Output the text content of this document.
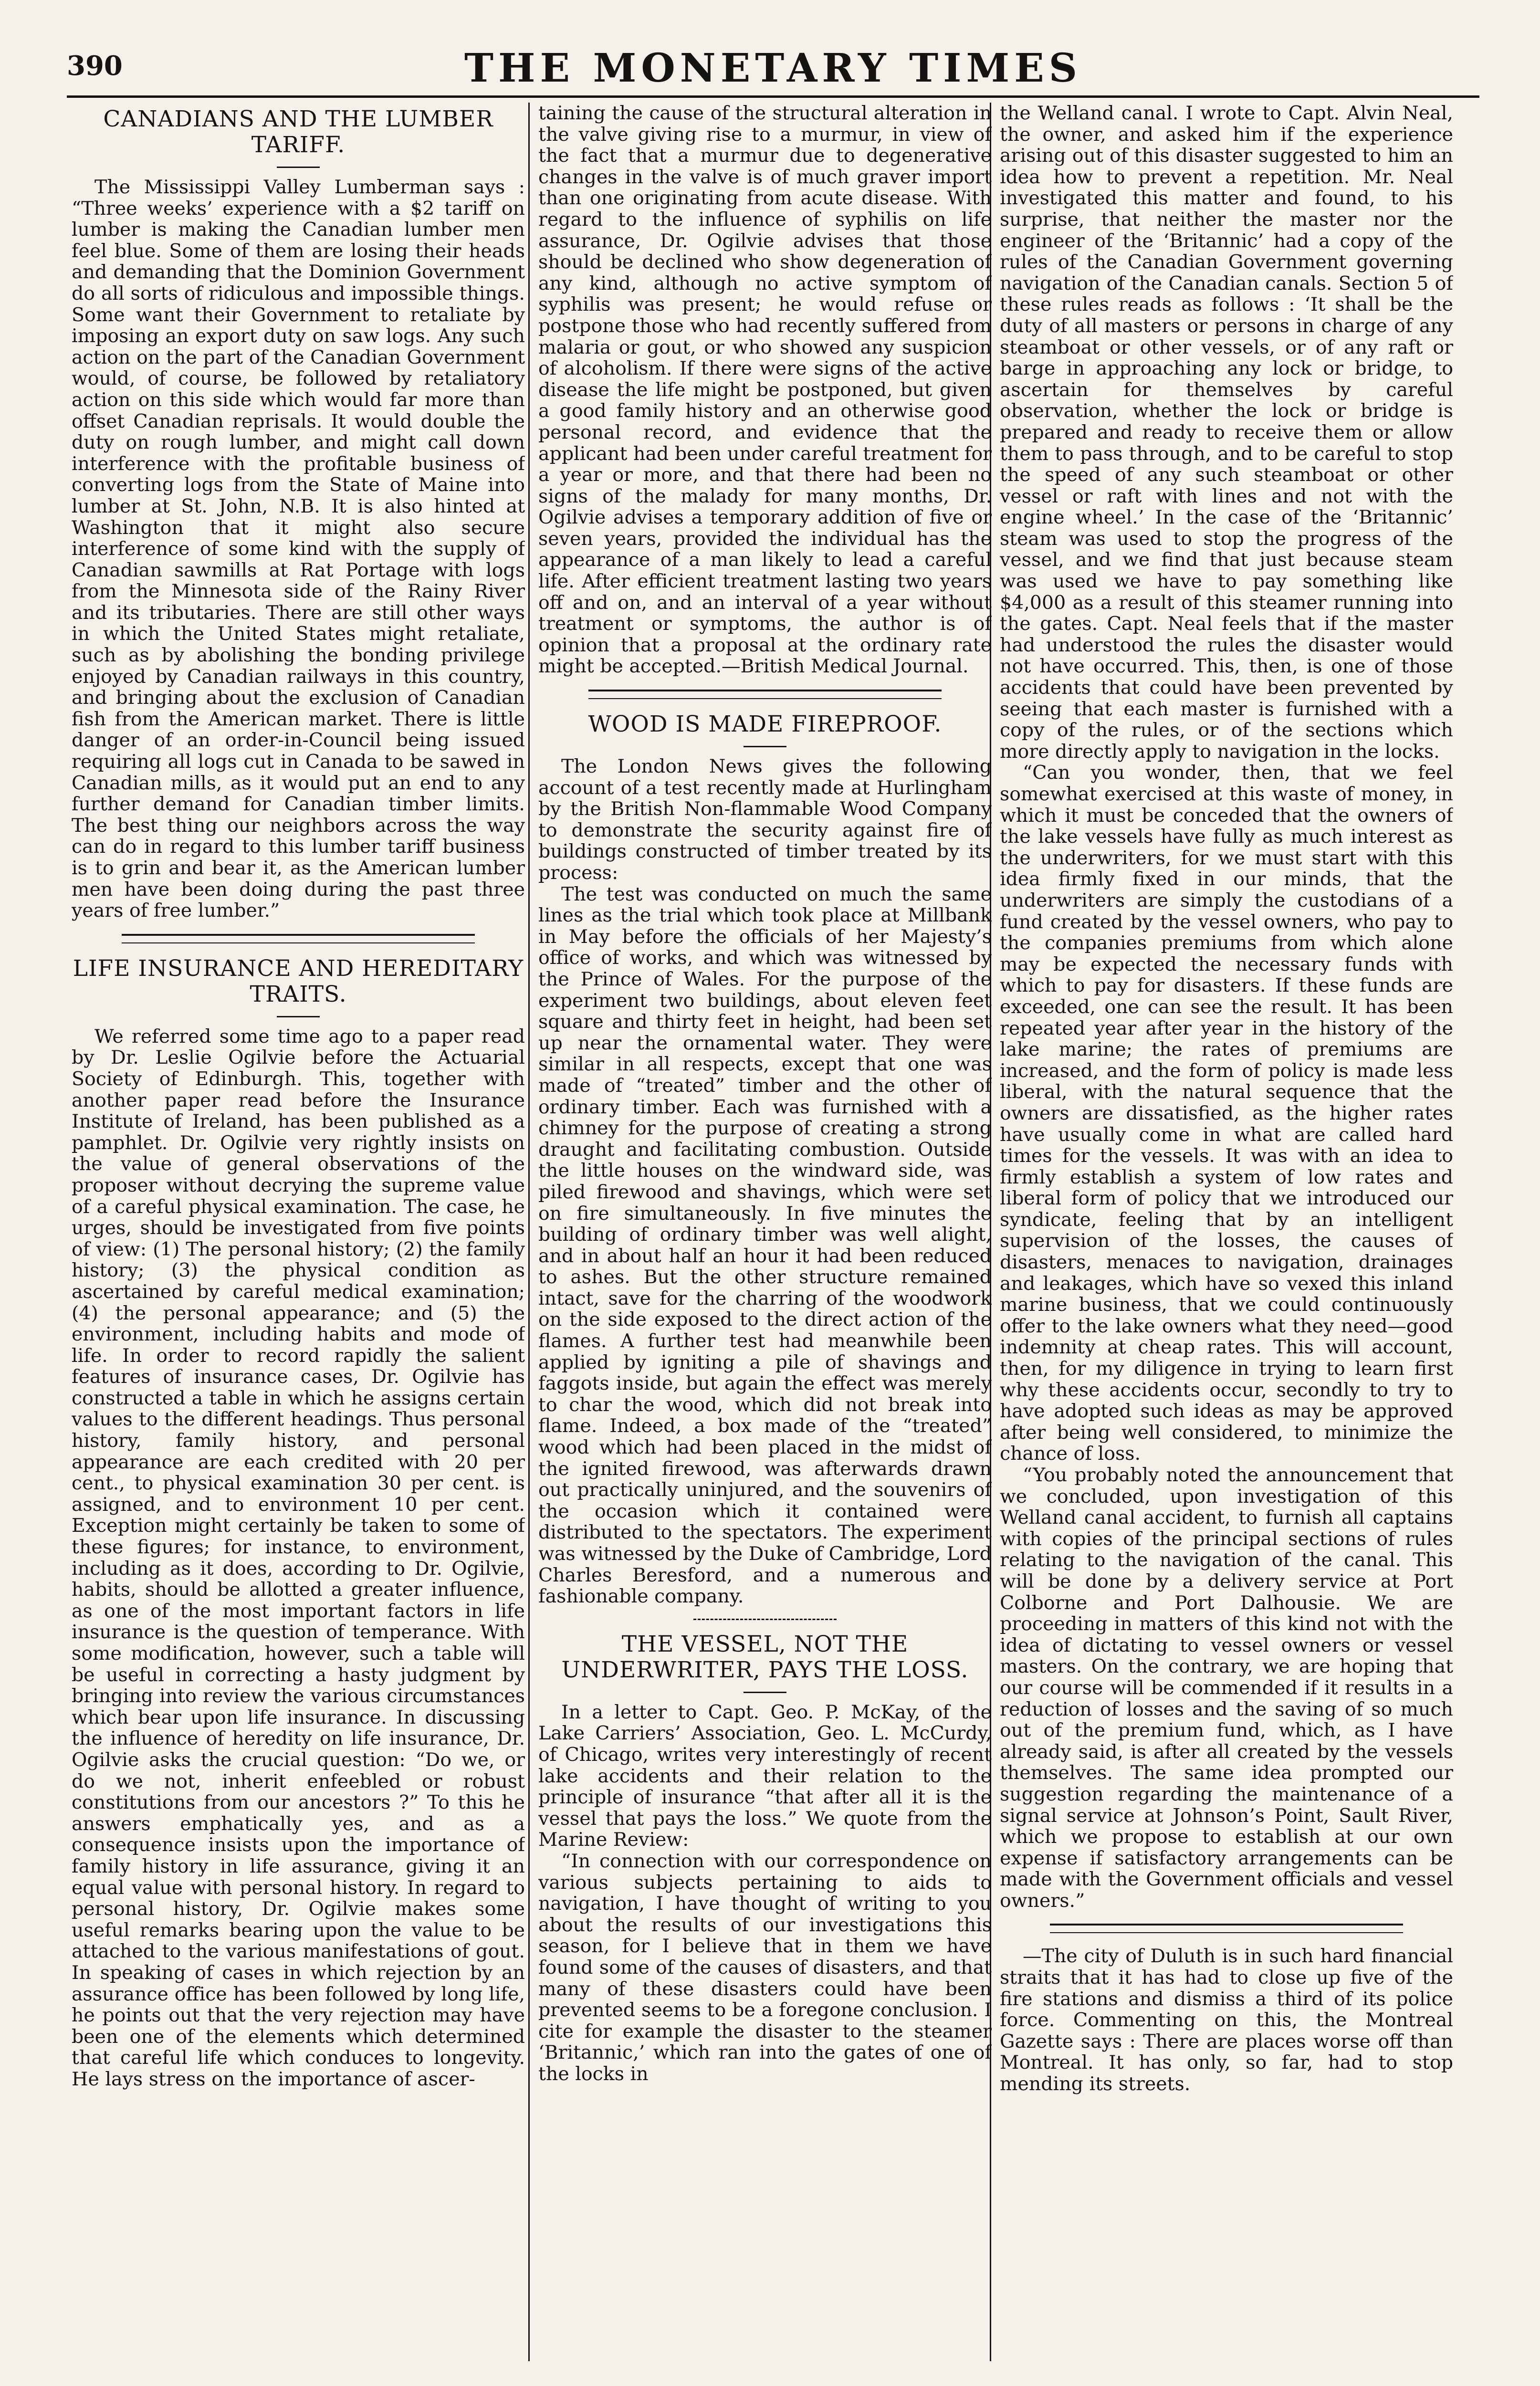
390	THE MONETARY TIMES
CANADIANS AND THE LUMBER TARIFF.

The Mississippi Valley Lumberman says : “Three weeks’ experience with a $2 tariff on lumber is making the Canadian lumber men feel blue. Some of them are losing their heads and demanding that the Dominion Government do all sorts of ridiculous and impossible things. Some want their Government to retaliate by imposing an export duty on saw logs. Any such action on the part of the Canadian Government would, of course, be followed by retaliatory action on this side which would far more than offset Canadian reprisals. It would double the duty on rough lumber, and might call down interference with the profitable business of converting logs from the State of Maine into lumber at St. John, N.B. It is also hinted at Washington that it might also secure interference of some kind with the supply of Canadian sawmills at Rat Portage with logs from the Minnesota side of the Rainy River and its tributaries. There are still other ways in which the United States might retaliate, such as by abolishing the bonding privilege enjoyed by Canadian railways in this country, and bringing about the exclusion of Canadian fish from the American market. There is little danger of an order-in-Council being issued requiring all logs cut in Canada to be sawed in Canadian mills, as it would put an end to any further demand for Canadian timber limits. The best thing our neighbors across the way can do in regard to this lumber tariff business is to grin and bear it, as the American lumber men have been doing during the past three years of free lumber.”

LIFE INSURANCE AND HEREDITARY TRAITS.

We referred some time ago to a paper read by Dr. Leslie Ogilvie before the Actuarial Society of Edinburgh. This, together with another paper read before the Insurance Institute of Ireland, has been published as a pamphlet. Dr. Ogilvie very rightly insists on the value of general observations of the proposer without decrying the supreme value of a careful physical examination. The case, he urges, should be investigated from five points of view: (1) The personal history; (2) the family history; (3) the physical condition as ascertained by careful medical examination; (4) the personal appearance; and (5) the environment, including habits and mode of life. In order to record rapidly the salient features of insurance cases, Dr. Ogilvie has constructed a table in which he assigns certain values to the different headings. Thus personal history, family history, and personal appearance are each credited with 20 per cent., to physical examination 30 per cent. is assigned, and to environment 10 per cent. Exception might certainly be taken to some of these figures; for instance, to environment, including as it does, according to Dr. Ogilvie, habits, should be allotted a greater influence, as one of the most important factors in life insurance is the question of temperance. With some modification, however, such a table will be useful in correcting a hasty judgment by bringing into review the various circumstances which bear upon life insurance. In discussing the influence of heredity on life insurance, Dr. Ogilvie asks the crucial question: “Do we, or do we not, inherit enfeebled or robust constitutions from our ancestors ?” To this he answers emphatically yes, and as a consequence insists upon the importance of family history in life assurance, giving it an equal value with personal history. In regard to personal history, Dr. Ogilvie makes some useful remarks bearing upon the value to be attached to the various manifestations of gout. In speaking of cases in which rejection by an assurance office has been followed by long life, he points out that the very rejection may have been one of the elements which determined that careful life which conduces to longevity. He lays stress on the importance of ascer-

taining the cause of the structural alteration in the valve giving rise to a murmur, in view of the fact that a murmur due to degenerative changes in the valve is of much graver import than one originating from acute disease. With regard to the influence of syphilis on life assurance, Dr. Ogilvie advises that those should be declined who show degeneration of any kind, although no active symptom of syphilis was present; he would refuse or postpone those who had recently suffered from malaria or gout, or who showed any suspicion of alcoholism. If there were signs of the active disease the life might be postponed, but given a good family history and an otherwise good personal record, and evidence that the applicant had been under careful treatment for a year or more, and that there had been no signs of the malady for many months, Dr. Ogilvie advises a temporary addition of five or seven years, provided the individual has the appearance of a man likely to lead a careful life. After efficient treatment lasting two years off and on, and an interval of a year without treatment or symptoms, the author is of opinion that a proposal at the ordinary rate might be accepted.—British Medical Journal.

WOOD IS MADE FIREPROOF.

The London News gives the following account of a test recently made at Hurlingham by the British Non-flammable Wood Company to demonstrate the security against fire of buildings constructed of timber treated by its process:

The test was conducted on much the same lines as the trial which took place at Millbank in May before the officials of her Majesty’s office of works, and which was witnessed by the Prince of Wales. For the purpose of the experiment two buildings, about eleven feet square and thirty feet in height, had been set up near the ornamental water. They were similar in all respects, except that one was made of “treated” timber and the other of ordinary timber. Each was furnished with a chimney for the purpose of creating a strong draught and facilitating combustion. Outside the little houses on the windward side, was piled firewood and shavings, which were set on fire simultaneously. In five minutes the building of ordinary timber was well alight, and in about half an hour it had been reduced to ashes. But the other structure remained intact, save for the charring of the woodwork on the side exposed to the direct action of the flames. A further test had meanwhile been applied by igniting a pile of shavings and faggots inside, but again the effect was merely to char the wood, which did not break into flame. Indeed, a box made of the “treated” wood which had been placed in the midst of the ignited firewood, was afterwards drawn out practically uninjured, and the souvenirs of the occasion which it contained were distributed to the spectators. The experiment was witnessed by the Duke of Cambridge, Lord Charles Beresford, and a numerous and fashionable company.

THE VESSEL, NOT THE UNDERWRITER, PAYS THE LOSS.

In a letter to Capt. Geo. P. McKay, of the Lake Carriers’ Association, Geo. L. McCurdy, of Chicago, writes very interestingly of recent lake accidents and their relation to the principle of insurance “that after all it is the vessel that pays the loss.” We quote from the Marine Review:

“In connection with our correspondence on various subjects pertaining to aids to navigation, I have thought of writing to you about the results of our investigations this season, for I believe that in them we have found some of the causes of disasters, and that many of these disasters could have been prevented seems to be a foregone conclusion. I cite for example the disaster to the steamer ‘Britannic,’ which ran into the gates of one of the locks in

the Welland canal. I wrote to Capt. Alvin Neal, the owner, and asked him if the experience arising out of this disaster suggested to him an idea how to prevent a repetition. Mr. Neal investigated this matter and found, to his surprise, that neither the master nor the engineer of the ‘Britannic’ had a copy of the rules of the Canadian Government governing navigation of the Canadian canals. Section 5 of these rules reads as follows : ‘It shall be the duty of all masters or persons in charge of any steamboat or other vessels, or of any raft or barge in approaching any lock or bridge, to ascertain for themselves by careful observation, whether the lock or bridge is prepared and ready to receive them or allow them to pass through, and to be careful to stop the speed of any such steamboat or other vessel or raft with lines and not with the engine wheel.’ In the case of the ‘Britannic’ steam was used to stop the progress of the vessel, and we find that just because steam was used we have to pay something like $4,000 as a result of this steamer running into the gates. Capt. Neal feels that if the master had understood the rules the disaster would not have occurred. This, then, is one of those accidents that could have been prevented by seeing that each master is furnished with a copy of the rules, or of the sections which more directly apply to navigation in the locks.

“Can you wonder, then, that we feel somewhat exercised at this waste of money, in which it must be conceded that the owners of the lake vessels have fully as much interest as the underwriters, for we must start with this idea firmly fixed in our minds, that the underwriters are simply the custodians of a fund created by the vessel owners, who pay to the companies premiums from which alone may be expected the necessary funds with which to pay for disasters. If these funds are exceeded, one can see the result. It has been repeated year after year in the history of the lake marine; the rates of premiums are increased, and the form of policy is made less liberal, with the natural sequence that the owners are dissatisfied, as the higher rates have usually come in what are called hard times for the vessels. It was with an idea to firmly establish a system of low rates and liberal form of policy that we introduced our syndicate, feeling that by an intelligent supervision of the losses, the causes of disasters, menaces to navigation, drainages and leakages, which have so vexed this inland marine business, that we could continuously offer to the lake owners what they need—good indemnity at cheap rates. This will account, then, for my diligence in trying to learn first why these accidents occur, secondly to try to have adopted such ideas as may be approved after being well considered, to minimize the chance of loss.

“You probably noted the announcement that we concluded, upon investigation of this Welland canal accident, to furnish all captains with copies of the principal sections of rules relating to the navigation of the canal. This will be done by a delivery service at Port Colborne and Port Dalhousie. We are proceeding in matters of this kind not with the idea of dictating to vessel owners or vessel masters. On the contrary, we are hoping that our course will be commended if it results in a reduction of losses and the saving of so much out of the premium fund, which, as I have already said, is after all created by the vessels themselves. The same idea prompted our suggestion regarding the maintenance of a signal service at Johnson’s Point, Sault River, which we propose to establish at our own expense if satisfactory arrangements can be made with the Government officials and vessel owners.”

—The city of Duluth is in such hard financial straits that it has had to close up five of the fire stations and dismiss a third of its police force. Commenting on this, the Montreal Gazette says : There are places worse off than Montreal. It has only, so far, had to stop mending its streets.
